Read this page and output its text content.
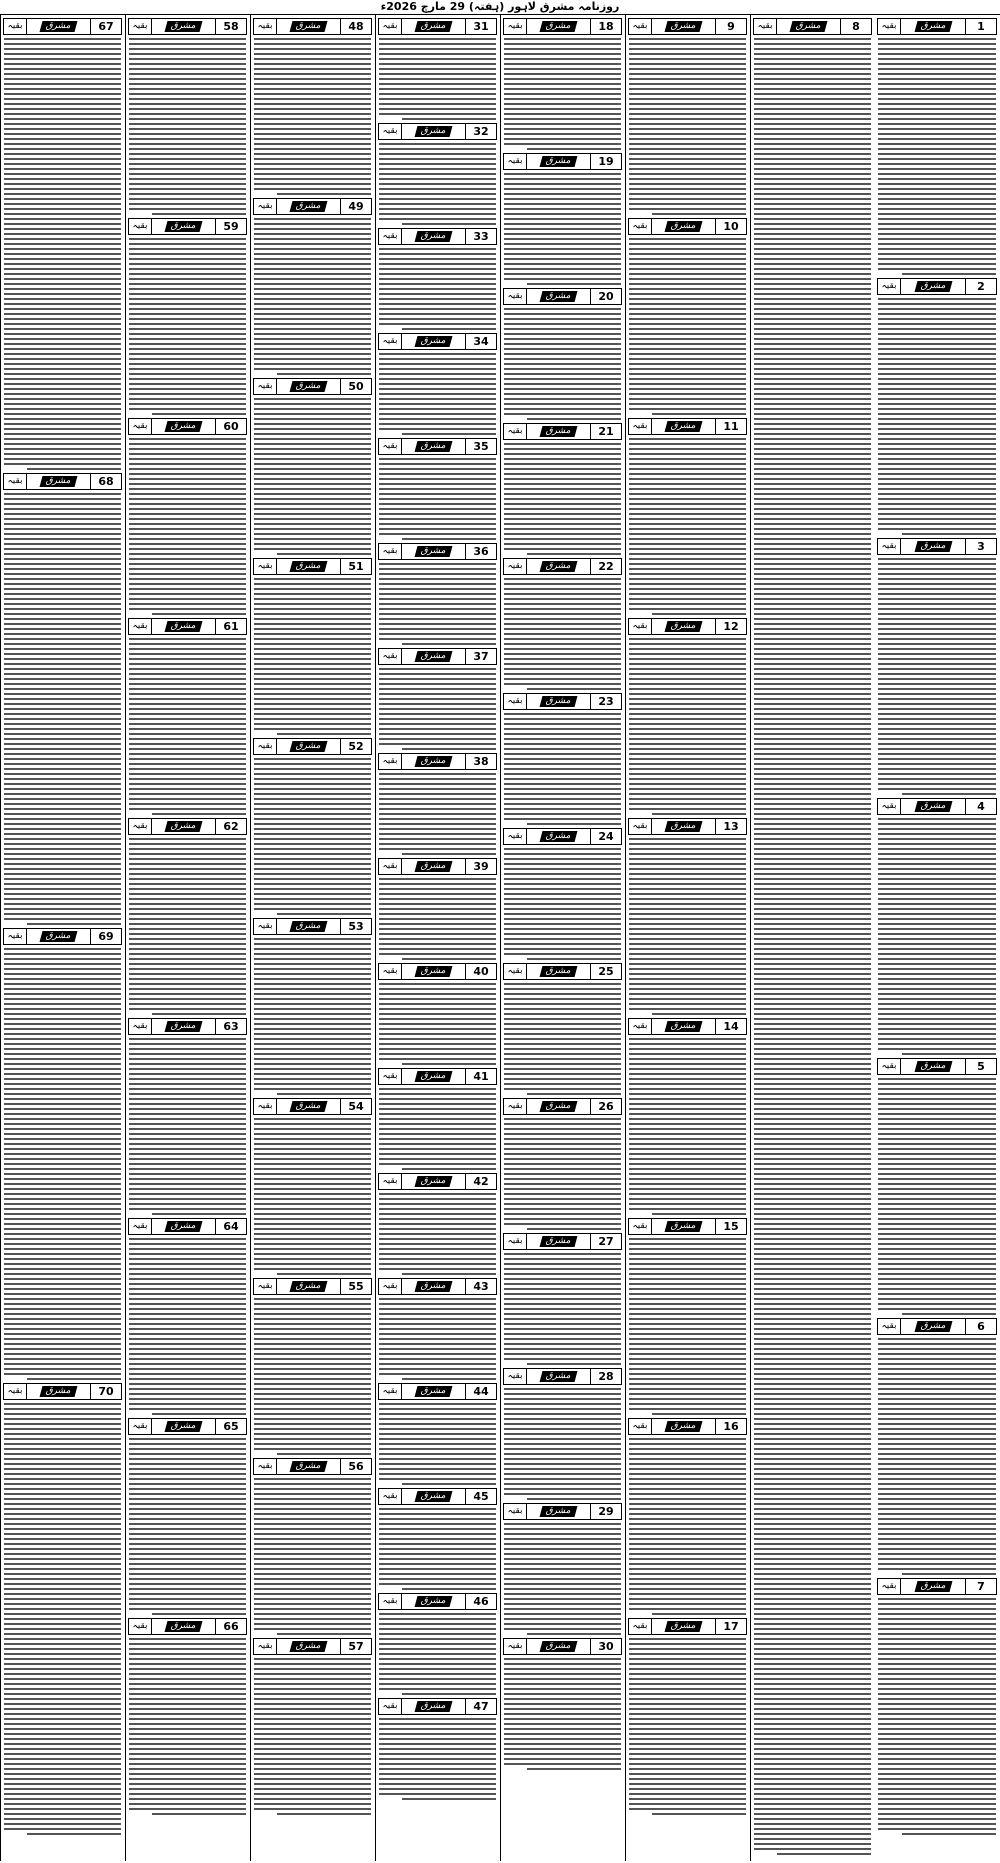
روزنامہ مشرق لاہور (ہفتہ) 29 مارچ 2026ء
1
مشرق
بقیہ
2
مشرق
بقیہ
3
مشرق
بقیہ
4
مشرق
بقیہ
5
مشرق
بقیہ
6
مشرق
بقیہ
7
مشرق
بقیہ
8
مشرق
بقیہ
9
مشرق
بقیہ
10
مشرق
بقیہ
11
مشرق
بقیہ
12
مشرق
بقیہ
13
مشرق
بقیہ
14
مشرق
بقیہ
15
مشرق
بقیہ
16
مشرق
بقیہ
17
مشرق
بقیہ
18
مشرق
بقیہ
19
مشرق
بقیہ
20
مشرق
بقیہ
21
مشرق
بقیہ
22
مشرق
بقیہ
23
مشرق
بقیہ
24
مشرق
بقیہ
25
مشرق
بقیہ
26
مشرق
بقیہ
27
مشرق
بقیہ
28
مشرق
بقیہ
29
مشرق
بقیہ
30
مشرق
بقیہ
31
مشرق
بقیہ
32
مشرق
بقیہ
33
مشرق
بقیہ
34
مشرق
بقیہ
35
مشرق
بقیہ
36
مشرق
بقیہ
37
مشرق
بقیہ
38
مشرق
بقیہ
39
مشرق
بقیہ
40
مشرق
بقیہ
41
مشرق
بقیہ
42
مشرق
بقیہ
43
مشرق
بقیہ
44
مشرق
بقیہ
45
مشرق
بقیہ
46
مشرق
بقیہ
47
مشرق
بقیہ
48
مشرق
بقیہ
49
مشرق
بقیہ
50
مشرق
بقیہ
51
مشرق
بقیہ
52
مشرق
بقیہ
53
مشرق
بقیہ
54
مشرق
بقیہ
55
مشرق
بقیہ
56
مشرق
بقیہ
57
مشرق
بقیہ
58
مشرق
بقیہ
59
مشرق
بقیہ
60
مشرق
بقیہ
61
مشرق
بقیہ
62
مشرق
بقیہ
63
مشرق
بقیہ
64
مشرق
بقیہ
65
مشرق
بقیہ
66
مشرق
بقیہ
67
مشرق
بقیہ
68
مشرق
بقیہ
69
مشرق
بقیہ
70
مشرق
بقیہ
